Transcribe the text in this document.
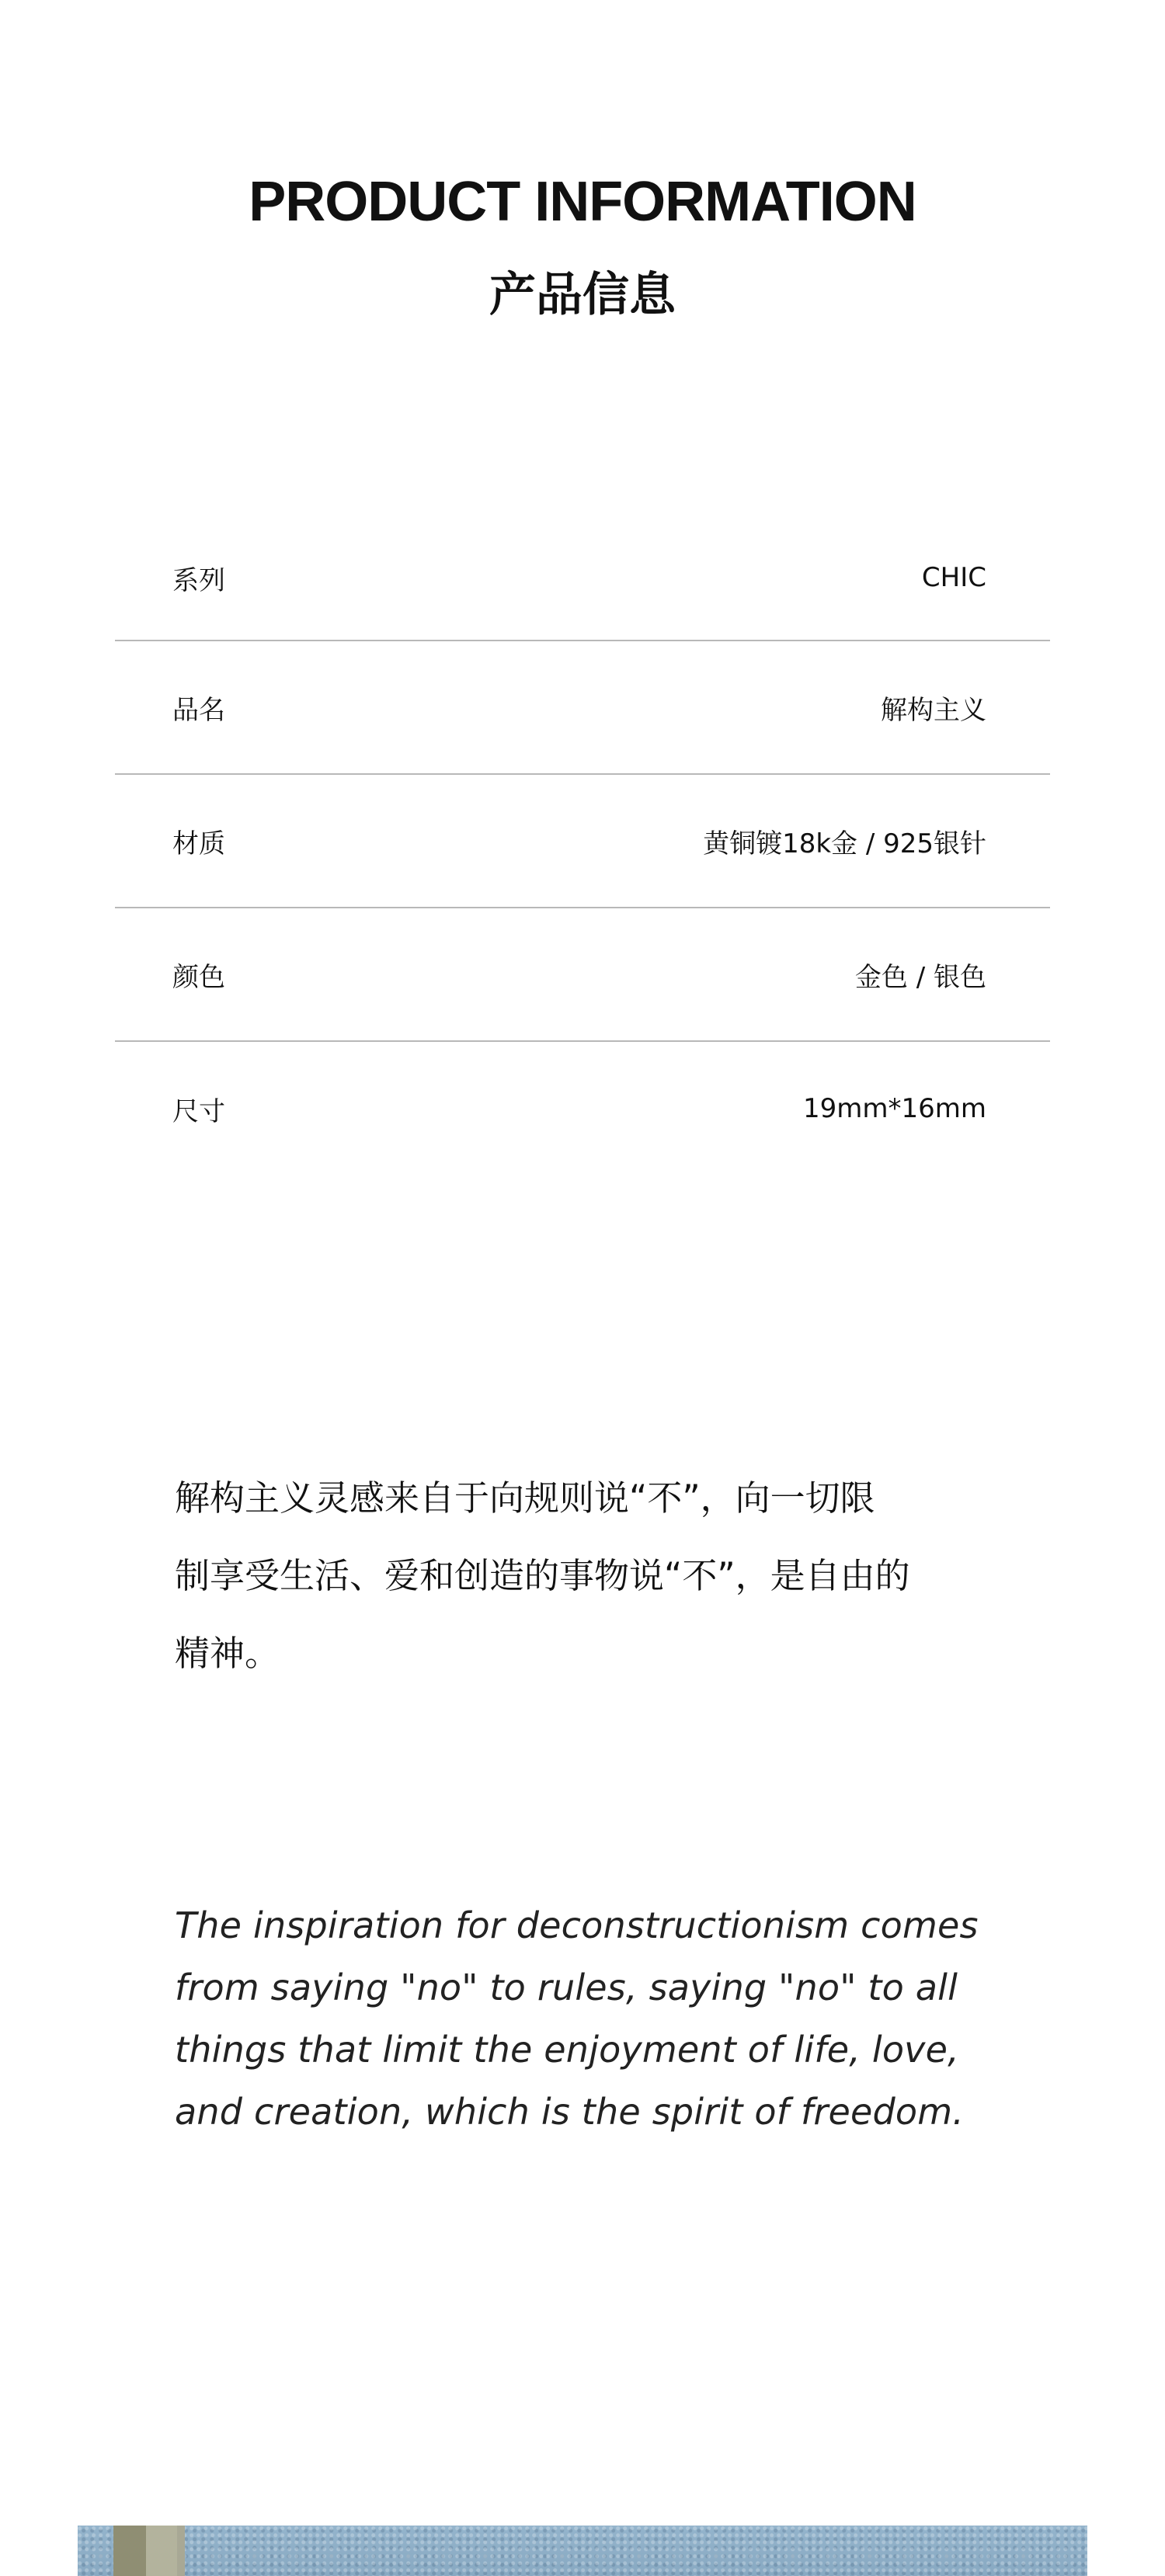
PRODUCT INFORMATION
产品信息
系列	CHIC
品名	解构主义
材质	黄铜镀18k金 / 925银针
颜色	金色 / 银色
尺寸	19mm*16mm
解构主义灵感来自于向规则说“不”，向一切限
制享受生活、爱和创造的事物说“不”，是自由的
精神。
The inspiration for deconstructionism comes
from saying "no" to rules, saying "no" to all
things that limit the enjoyment of life, love,
and creation, which is the spirit of freedom.
